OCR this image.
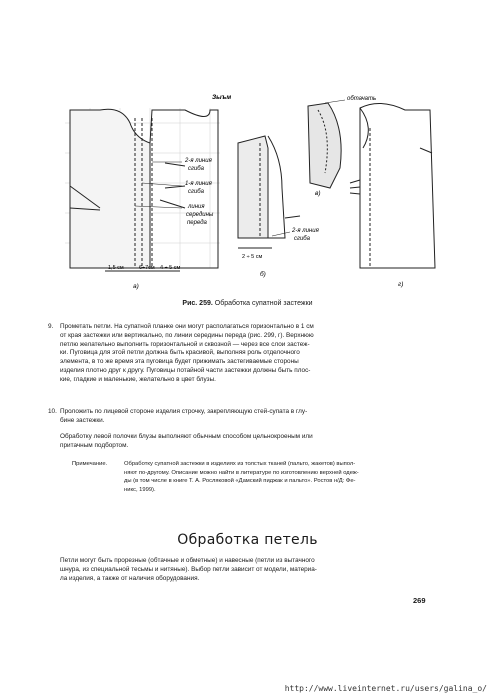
Зыъм
2-я линия
сгиба
1-я линия
сгиба
линия
середины
переда
2-я линия
сгиба
обтачать
1,5 см	6÷7см 4 ÷ 5 см
2 ÷ 5 см
а)
б)
в)
г)
Рис. 259. Обработка супатной застежки
9. Прометать петли. На супатной планке они могут располагаться горизонтально в 1 см
от края застежки или вертикально, по линии середины переда (рис. 299, г). Верхнюю
петлю желательно выполнить горизонтальной и сквозной — через все слои застеж-
ки. Пуговица для этой петли должна быть красивой, выполняя роль отделочного
элемента, в то же время эта пуговица будет прижимать застегиваемые стороны
изделия плотно друг к другу. Пуговицы потайной части застежки должны быть плос-
кие, гладкие и маленькие, желательно в цвет блузы.
10. Проложить по лицевой стороне изделия строчку, закрепляющую стей-супата в глу-
бине застежки.
Обработку левой полочки блузы выполняют обычным способом цельнокроеным или
притачным подбортом.
Примечание.	Обработку супатной застежки в изделиях из толстых тканей (пальто, жакетов) выпол-
няют по-другому. Описание можно найти в литературе по изготовлению верхней одеж-
ды (в том числе в книге Т. А. Росляковой «Дамский пиджак и пальто». Ростов н/Д: Фе-
никс, 1999).
Обработка петель
Петли могут быть прорезные (обтачные и обметные) и навесные (петли из вытачного
шнура, из специальной тесьмы и нитяные). Выбор петли зависит от модели, материа-
ла изделия, а также от наличия оборудования.
269
http://www.liveinternet.ru/users/galina_o/
